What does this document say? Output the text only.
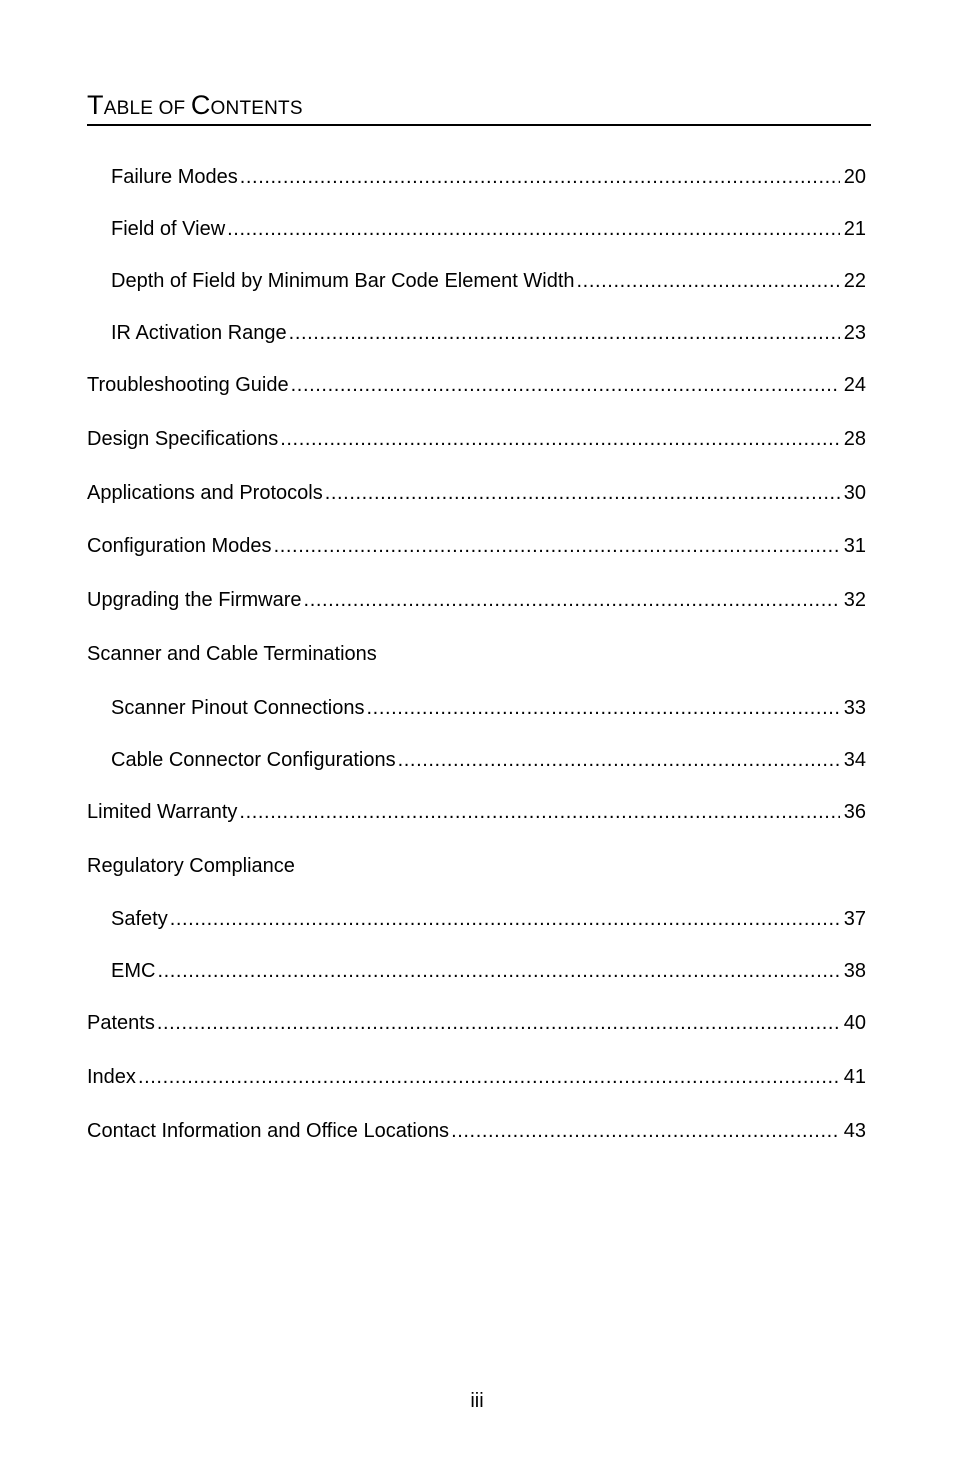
TABLE OF CONTENTS
Failure Modes .....	20
Field of View .....	21
Depth of Field by Minimum Bar Code Element Width .....	22
IR Activation Range .....	23
Troubleshooting Guide .....	24
Design Specifications .....	28
Applications and Protocols .....	30
Configuration Modes .....	31
Upgrading the Firmware .....	32
Scanner and Cable Terminations
Scanner Pinout Connections .....	33
Cable Connector Configurations .....	34
Limited Warranty .....	36
Regulatory Compliance
Safety .....	37
EMC .....	38
Patents .....	40
Index .....	41
Contact Information and Office Locations .....	43
iii
